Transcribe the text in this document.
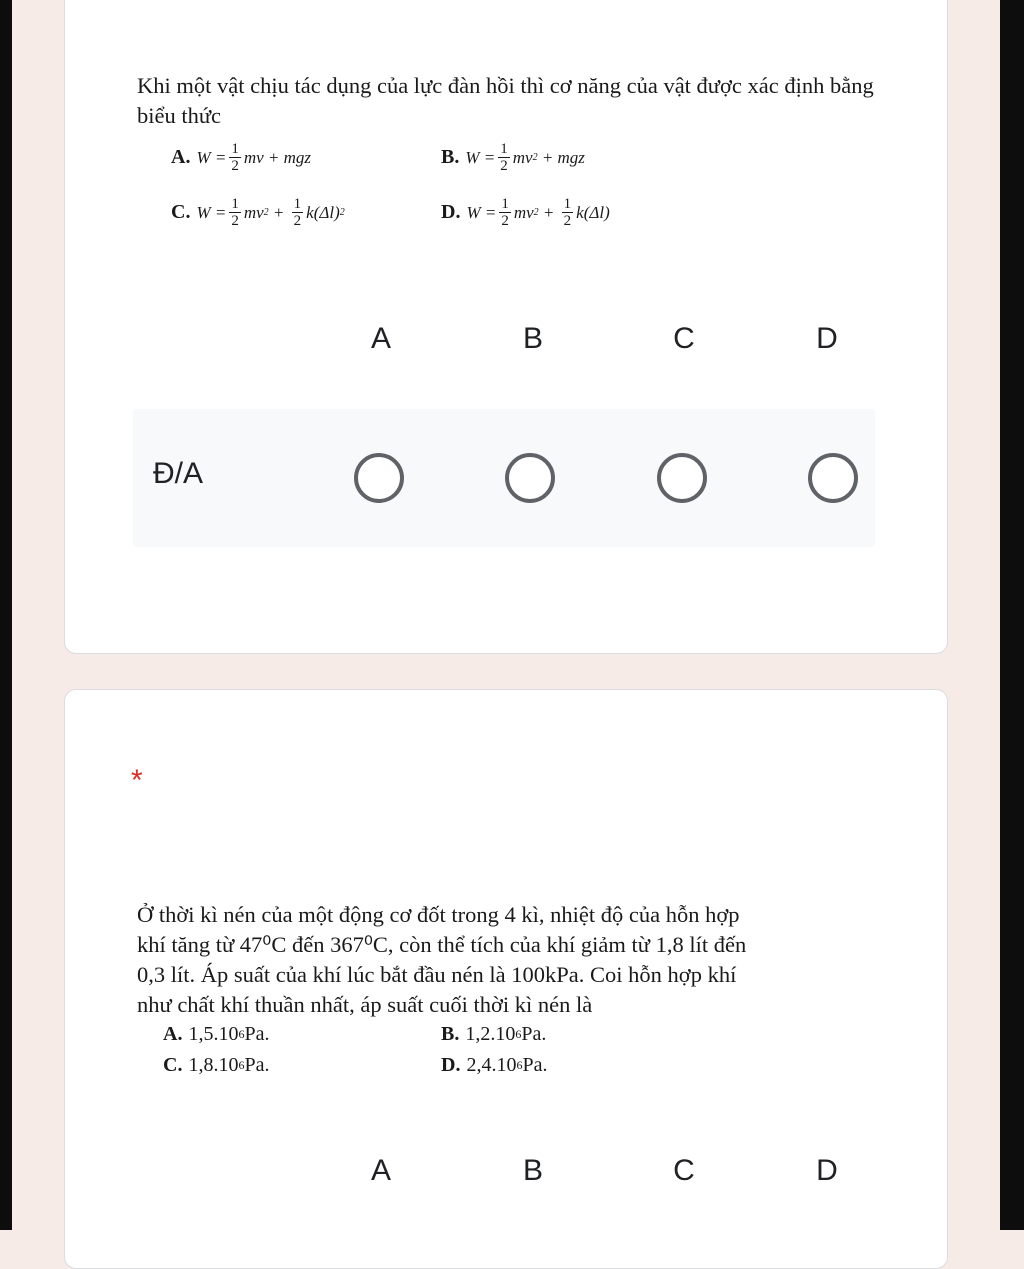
Khi một vật chịu tác dụng của lực đàn hồi thì cơ năng của vật được xác định bằng biểu thức
A. $W = \frac{1}{2}$ mv + mgz	B. $W = \frac{1}{2}$ mv 2 + mgz
C. $W = \frac{1}{2}$ mv $2 + \frac{1}{2} k(\Delta l)$ 2	D. $W = \frac{1}{2}$ mv $2 + \frac{1}{2} k(\Delta l)$
A	B	C	D
Đ/A
*
Ở thời kì nén của một động cơ đốt trong 4 kì, nhiệt độ của hỗn hợp
khí tăng từ 47⁰C đến 367⁰C, còn thể tích của khí giảm từ 1,8 lít đến
0,3 lít. Áp suất của khí lúc bắt đầu nén là 100kPa. Coi hỗn hợp khí
như chất khí thuần nhất, áp suất cuối thời kì nén là
A. 1,5.10 6 Pa.	B. 1,2.10 6 Pa.
C. 1,8.10 6 Pa.	D. 2,4.10 6 Pa.
A	B	C	D
